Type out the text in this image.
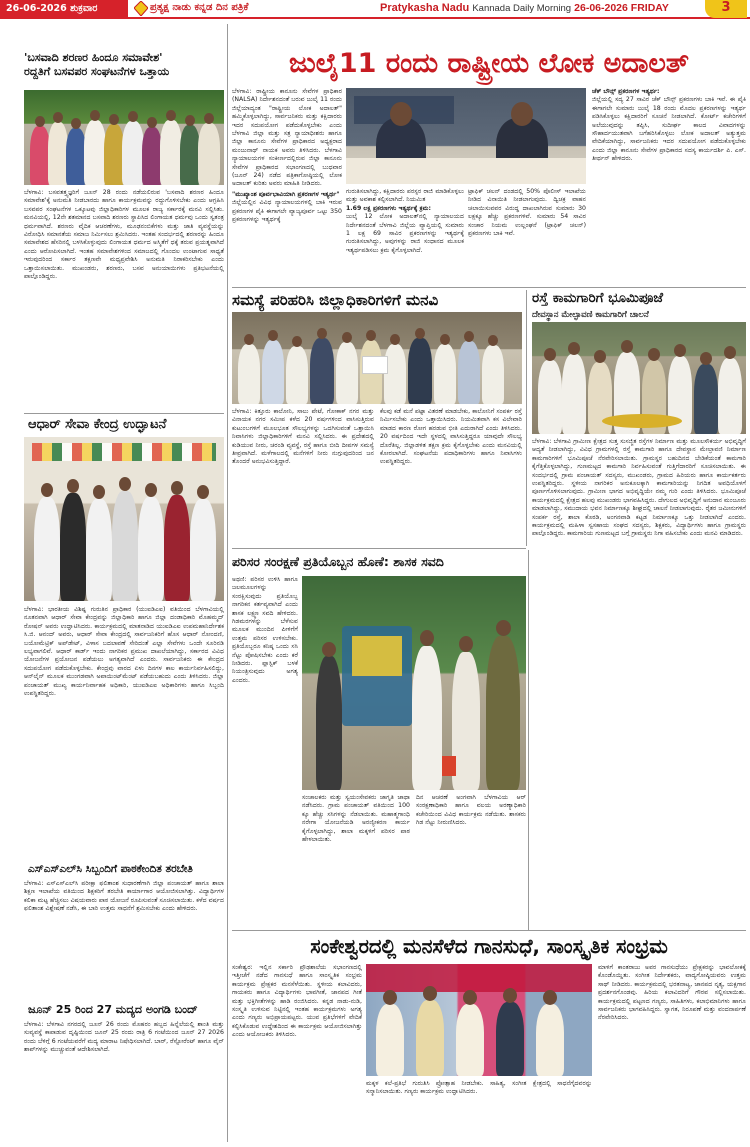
26-06-2026 ಶುಕ್ರವಾರ	ಪ್ರತ್ಯಕ್ಷ ನಾಡು ಕನ್ನಡ ದಿನ ಪತ್ರಿಕೆ	Pratykasha Nadu Kannada Daily Morning 26-06-2026 FRIDAY	3
'ಬಸವಾದಿ ಶರಣರ ಹಿಂದೂ ಸಮಾವೇಶ'
ರದ್ದತಿಗೆ ಬಸವಪರ ಸಂಘಟನೆಗಳ ಒತ್ತಾಯ
ಬೆಳಗಾವಿ: ಬಸವತತ್ತ್ವಜ್ಞರಿಗೆ ಜೂನ್ 28 ರಂದು ನಡೆಯಲಿರುವ 'ಬಸವಾದಿ ಶರಣರ ಹಿಂದೂ ಸಮಾವೇಶ'ಕ್ಕೆ ಅನುಮತಿ ನೀಡಬಾರದು ಹಾಗೂ ಕಾರ್ಯಕ್ರಮವನ್ನು ರದ್ದುಗೊಳಿಸಬೇಕು ಎಂದು ಆಗ್ರಹಿಸಿ ಬಸವಪರ ಸಂಘಟನೆಗಳ ಒಕ್ಕೂಟವು ಜಿಲ್ಲಾಧಿಕಾರಿಗಳ ಮೂಲಕ ರಾಜ್ಯ ಸರ್ಕಾರಕ್ಕೆ ಮನವಿ ಸಲ್ಲಿಸಿತು. ಮನವಿಯಲ್ಲಿ, 12ನೇ ಶತಮಾನದ ಬಸವಾದಿ ಶರಣರು ಸ್ಥಾಪಿಸಿದ ಲಿಂಗಾಯತ ಧರ್ಮವು ಒಂದು ಸ್ವತಂತ್ರ ಧರ್ಮವಾಗಿದೆ. ಶರಣರು ವೈದಿಕ ಆಚರಣೆಗಳು, ಮೂಢನಂಬಿಕೆಗಳು ಮತ್ತು ಜಾತಿ ವ್ಯವಸ್ಥೆಯನ್ನು ವಿರೋಧಿಸಿ ಸಮಾನತೆಯ ಸಮಾಜ ನಿರ್ಮಿಸಲು ಶ್ರಮಿಸಿದರು. ಇಂತಹ ಸಂದರ್ಭದಲ್ಲಿ ಶರಣರನ್ನು ಹಿಂದೂ ಸಮಾವೇಶದ ಹೆಸರಿನಲ್ಲಿ ಬಳಸಿಕೊಳ್ಳುವುದು ಲಿಂಗಾಯತ ಧರ್ಮದ ಅಸ್ಮಿತೆಗೆ ಧಕ್ಕೆ ತರುವ ಪ್ರಯತ್ನವಾಗಿದೆ ಎಂದು ಆರೋಪಿಸಲಾಗಿದೆ. ಇಂತಹ ಸಮಾವೇಶಗಳಿಂದ ಸಮಾಜದಲ್ಲಿ ಗೊಂದಲ ಉಂಟಾಗುವ ಸಾಧ್ಯತೆ ಇರುವುದರಿಂದ ಸರ್ಕಾರ ತಕ್ಷಣವೇ ಮಧ್ಯಪ್ರವೇಶಿಸಿ ಅನುಮತಿ ನಿರಾಕರಿಸಬೇಕು ಎಂದು ಒತ್ತಾಯಿಸಲಾಯಿತು. ಮುಖಂಡರು, ಶರಣರು, ಬಸವ ಅನುಯಾಯಿಗಳು ಪ್ರತಿಭಟನೆಯಲ್ಲಿ ಪಾಲ್ಗೊಂಡಿದ್ದರು.
ಆಧಾರ್ ಸೇವಾ ಕೇಂದ್ರ ಉದ್ಘಾಟನೆ
ಬೆಳಗಾವಿ: ಭಾರತೀಯ ವಿಶಿಷ್ಟ ಗುರುತಿನ ಪ್ರಾಧಿಕಾರ (ಯುಐಡಿಎಐ) ವತಿಯಿಂದ ಬೆಳಗಾವಿಯಲ್ಲಿ ನೂತನವಾಗಿ ಆಧಾರ್ ಸೇವಾ ಕೇಂದ್ರವನ್ನು ಜಿಲ್ಲಾಧಿಕಾರಿ ಹಾಗೂ ಜಿಲ್ಲಾ ದಂಡಾಧಿಕಾರಿ ಮೊಹಮ್ಮದ್ ರೋಷನ್ ಅವರು ಉದ್ಘಾಟಿಸಿದರು. ಕಾರ್ಯಕ್ರಮದಲ್ಲಿ ಮಾತನಾಡಿದ ಯುಐಡಿಎಐ ಉಪಮಹಾನಿರ್ದೇಶಕ ಸಿ.ಜಿ. ಆನಂದ್ ಅವರು, ಆಧಾರ್ ಸೇವಾ ಕೇಂದ್ರದಲ್ಲಿ ಸಾರ್ವಜನಿಕರಿಗೆ ಹೊಸ ಆಧಾರ್ ನೋಂದಣಿ, ಬಯೋಮೆಟ್ರಿಕ್ ಅಪ್‌ಡೇಟ್, ವಿಳಾಸ ಬದಲಾವಣೆ ಸೇರಿದಂತೆ ಎಲ್ಲಾ ಸೇವೆಗಳು ಒಂದೇ ಸೂರಿನಡಿ ಲಭ್ಯವಾಗಲಿವೆ. ಆಧಾರ್ ಕಾರ್ಡ್ ಇಂದು ನಾಗರಿಕರ ಪ್ರಮುಖ ದಾಖಲೆಯಾಗಿದ್ದು, ಸರ್ಕಾರದ ವಿವಿಧ ಯೋಜನೆಗಳ ಪ್ರಯೋಜನ ಪಡೆಯಲು ಅಗತ್ಯವಾಗಿದೆ ಎಂದರು. ಸಾರ್ವಜನಿಕರು ಈ ಕೇಂದ್ರದ ಸದುಪಯೋಗ ಪಡೆದುಕೊಳ್ಳಬೇಕು. ಕೇಂದ್ರವು ವಾರದ ಏಳು ದಿನಗಳ ಕಾಲ ಕಾರ್ಯನಿರ್ವಹಿಸಲಿದ್ದು, ಆನ್‌ಲೈನ್ ಮೂಲಕ ಮುಂಗಡವಾಗಿ ಅಪಾಯಿಂಟ್‌ಮೆಂಟ್ ಪಡೆಯಬಹುದು ಎಂದು ತಿಳಿಸಿದರು. ಜಿಲ್ಲಾ ಪಂಚಾಯತ್ ಮುಖ್ಯ ಕಾರ್ಯನಿರ್ವಾಹಕ ಅಧಿಕಾರಿ, ಯುಐಡಿಎಐ ಅಧಿಕಾರಿಗಳು ಹಾಗೂ ಸಿಬ್ಬಂದಿ ಉಪಸ್ಥಿತರಿದ್ದರು.
ಎಸ್‌ಎಸ್‌ಎಲ್‌ಸಿ ಸಿಬ್ಬಂದಿಗೆ ಪಾಠಕೇಂದಿತ ತರಬೇತಿ
ಬೆಳಗಾವಿ: ಎಸ್‌ಎಸ್‌ಎಲ್‌ಸಿ ಪರೀಕ್ಷಾ ಫಲಿತಾಂಶ ಸುಧಾರಣೆಗಾಗಿ ಜಿಲ್ಲಾ ಪಂಚಾಯತ್ ಹಾಗೂ ಶಾಲಾ ಶಿಕ್ಷಣ ಇಲಾಖೆಯ ವತಿಯಿಂದ ಶಿಕ್ಷಕರಿಗೆ ತರಬೇತಿ ಕಾರ್ಯಾಗಾರ ಆಯೋಜಿಸಲಾಗಿತ್ತು. ವಿದ್ಯಾರ್ಥಿಗಳ ಕಲಿಕಾ ಮಟ್ಟ ಹೆಚ್ಚಿಸಲು ವಿಷಯವಾರು ಪಾಠ ಯೋಜನೆ ರೂಪಿಸುವಂತೆ ಸೂಚಿಸಲಾಯಿತು. ಕಳೆದ ವರ್ಷದ ಫಲಿತಾಂಶ ವಿಶ್ಲೇಷಣೆ ನಡೆಸಿ, ಈ ಬಾರಿ ಉತ್ತಮ ಸಾಧನೆಗೆ ಶ್ರಮಿಸಬೇಕು ಎಂದು ಹೇಳಿದರು.
ಜೂನ್ 25 ರಿಂದ 27 ಮದ್ಯದ ಅಂಗಡಿ ಬಂದ್
ಬೆಳಗಾವಿ: ಬೆಳಗಾವಿ ನಗರದಲ್ಲಿ ಜೂನ್ 26 ರಂದು ಮೊಹರಂ ಹಬ್ಬದ ಹಿನ್ನೆಲೆಯಲ್ಲಿ ಶಾಂತಿ ಮತ್ತು ಸುವ್ಯವಸ್ಥೆ ಕಾಪಾಡುವ ದೃಷ್ಟಿಯಿಂದ ಜೂನ್ 25 ರಂದು ರಾತ್ರಿ 6 ಗಂಟೆಯಿಂದ ಜೂನ್ 27 2026 ರಂದು ಬೆಳಿಗ್ಗೆ 6 ಗಂಟೆಯವರೆಗೆ ಮದ್ಯ ಮಾರಾಟ ನಿಷೇಧಿಸಲಾಗಿದೆ. ಬಾರ್, ರೆಸ್ಟೋರೆಂಟ್ ಹಾಗೂ ವೈನ್ ಶಾಪ್‌ಗಳನ್ನು ಮುಚ್ಚುವಂತೆ ಆದೇಶಿಸಲಾಗಿದೆ.
ಜುಲೈ11 ರಂದು ರಾಷ್ಟ್ರೀಯ ಲೋಕ ಅದಾಲತ್
ಬೆಳಗಾವಿ: ರಾಷ್ಟ್ರೀಯ ಕಾನೂನು ಸೇವೆಗಳ ಪ್ರಾಧಿಕಾರ (NALSA) ನಿರ್ದೇಶನದಂತೆ ಬರುವ ಜುಲೈ 11 ರಂದು ಜಿಲ್ಲೆಯಾದ್ಯಂತ "ರಾಷ್ಟ್ರೀಯ ಲೋಕ ಅದಾಲತ್" ಹಮ್ಮಿಕೊಳ್ಳಲಾಗಿದ್ದು, ಸಾರ್ವಜನಿಕರು ಮತ್ತು ಕಕ್ಷಿದಾರರು ಇದರ ಸದುಪಯೋಗ ಪಡೆದುಕೊಳ್ಳಬೇಕು ಎಂದು ಬೆಳಗಾವಿ ಜಿಲ್ಲಾ ಮತ್ತು ಸತ್ರ ನ್ಯಾಯಾಧೀಶರು ಹಾಗೂ ಜಿಲ್ಲಾ ಕಾನೂನು ಸೇವೆಗಳ ಪ್ರಾಧಿಕಾರದ ಅಧ್ಯಕ್ಷರಾದ ಮಂಜುನಾಥ್ ನಾಯಕ ಅವರು ತಿಳಿಸಿದರು. ಬೆಳಗಾವಿ ನ್ಯಾಯಾಲಯಗಳ ಸಂಕೀರ್ಣದಲ್ಲಿರುವ ಜಿಲ್ಲಾ ಕಾನೂನು ಸೇವೆಗಳ ಪ್ರಾಧಿಕಾರದ ಸಭಾಂಗಣದಲ್ಲಿ ಬುಧವಾರ (ಜೂನ್ 24) ನಡೆದ ಪತ್ರಿಕಾಗೋಷ್ಠಿಯಲ್ಲಿ ಲೋಕ ಅದಾಲತ್ ಕುರಿತು ಅವರು ಮಾಹಿತಿ ನೀಡಿದರು.
"ಮುಖ್ಯಾಂಶ ಪೂರ್ವಭಾವಿಯಾಗಿ ಪ್ರಕರಣಗಳ ಇತ್ಯರ್ಥ"
ಜಿಲ್ಲೆಯಲ್ಲಿನ ವಿವಿಧ ನ್ಯಾಯಾಲಯಗಳಲ್ಲಿ ಬಾಕಿ ಇರುವ ಪ್ರಕರಣಗಳ ಪೈಕಿ ಈಗಾಗಲೇ ವ್ಯಾಜ್ಯಪೂರ್ವ ಒಟ್ಟು 350 ಪ್ರಕರಣಗಳನ್ನು ಇತ್ಯರ್ಥಕ್ಕೆ
ಗುರುತಿಸಲಾಗಿದ್ದು, ಕಕ್ಷಿದಾರರು ಪರಸ್ಪರ ರಾಜಿ ಮಾಡಿಕೊಳ್ಳಲು ಮತ್ತು ಅವಕಾಶ ಕಲ್ಪಿಸಲಾಗಿದೆ. ನಿಯಮಿತ
1.69 ಲಕ್ಷ ಪ್ರಕರಣಗಳು ಇತ್ಯರ್ಥಕ್ಕೆ ಕ್ರಮ:
ಜುಲೈ 12 ಲೋಕ ಅದಾಲತ್‌ನಲ್ಲಿ ನ್ಯಾಯಾಲಯದ ನಿರ್ದೇಶನದಂತೆ ಬೆಳಗಾವಿ ಜಿಲ್ಲೆಯ ವ್ಯಾಪ್ತಿಯಲ್ಲಿ ಸುಮಾರು 1 ಲಕ್ಷ 69 ಸಾವಿರ ಪ್ರಕರಣಗಳನ್ನು ಇತ್ಯರ್ಥಕ್ಕೆ ಗುರುತಿಸಲಾಗಿದ್ದು, ಅವುಗಳನ್ನು ರಾಜಿ ಸಂಧಾನದ ಮೂಲಕ ಇತ್ಯರ್ಥಪಡಿಸಲು ಕ್ರಮ ಕೈಗೊಳ್ಳಲಾಗಿದೆ.
ಟ್ರಾಫಿಕ್ ಚಲನ್ ದಂಡದಲ್ಲಿ 50% ಪೊಲೀಸ್ ಇಲಾಖೆಯ ನೀಡಿದ ವಿನಾಯಿತಿ ನೀಡಲಾಗುವುದು. ದ್ವಿಚಕ್ರ ವಾಹನ ಚಲಾಯಿಸುವವರ ವಿರುದ್ಧ ದಾಖಲಾಗಿರುವ ಸುಮಾರು 30 ಲಕ್ಷಕ್ಕೂ ಹೆಚ್ಚು ಪ್ರಕರಣಗಳಿವೆ. ಸುಮಾರು 54 ಸಾವಿರ ಸಂಚಾರ ನಿಯಮ ಉಲ್ಲಂಘನೆ (ಟ್ರಾಫಿಕ್ ಚಲನ್) ಪ್ರಕರಣಗಳು ಬಾಕಿ ಇವೆ.
ಚೆಕ್ ಬೌನ್ಸ್ ಪ್ರಕರಣಗಳ ಇತ್ಯರ್ಥ:
ಜಿಲ್ಲೆಯಲ್ಲಿ ಸದ್ಯ 27 ಸಾವಿರ ಚೆಕ್ ಬೌನ್ಸ್ ಪ್ರಕರಣಗಳು ಬಾಕಿ ಇವೆ. ಈ ಪೈಕಿ ಈಗಾಗಲೇ ಸುಮಾರು ಜುಲೈ 18 ರಂದು ಮೊದಲ ಪ್ರಕರಣಗಳನ್ನು ಇತ್ಯರ್ಥ ಪಡಿಸಿಕೊಳ್ಳಲು ಕಕ್ಷಿದಾರರಿಗೆ ಸೂಚನೆ ನೀಡಲಾಗಿದೆ. ಕೋರ್ಟ್ ಕಚೇರಿಗಳಿಗೆ ಅಲೆಯುವುದನ್ನು ತಪ್ಪಿಸಿ, ಸುದೀರ್ಘ ಕಾಲದ ವಿವಾದಗಳನ್ನು ಸೌಹಾರ್ದಯುತವಾಗಿ ಬಗೆಹರಿಸಿಕೊಳ್ಳಲು ಲೋಕ ಅದಾಲತ್ ಅತ್ಯುತ್ತಮ ವೇದಿಕೆಯಾಗಿದ್ದು, ಸಾರ್ವಜನಿಕರು ಇದರ ಸದುಪಯೋಗ ಪಡೆದುಕೊಳ್ಳಬೇಕು ಎಂದು ಜಿಲ್ಲಾ ಕಾನೂನು ಸೇವೆಗಳ ಪ್ರಾಧಿಕಾರದ ಸದಸ್ಯ ಕಾರ್ಯದರ್ಶಿ ಪಿ. ಎಸ್. ತೀರ್ಥನ್ ಹೇಳಿದರು.
ಸಮಸ್ಯೆ ಪರಿಹರಿಸಿ ಜಿಲ್ಲಾಧಿಕಾರಿಗಳಿಗೆ ಮನವಿ
ಬೆಳಗಾವಿ: ಕಿತ್ತೂರು ಕಾಲೋನಿ, ಸಾಲು ಪೇಟೆ, ಗೋಕಾಕ್ ನಗರ ಮತ್ತು ವಿನಾಯಕ ನಗರ ಸಮೀಪ ಕಳೆದ 20 ವರ್ಷಗಳಿಂದ ವಾಸಿಸುತ್ತಿರುವ ಕುಟುಂಬಗಳಿಗೆ ಮೂಲಭೂತ ಸೌಲಭ್ಯಗಳನ್ನು ಒದಗಿಸುವಂತೆ ಒತ್ತಾಯಿಸಿ ನಿವಾಸಿಗಳು ಜಿಲ್ಲಾಧಿಕಾರಿಗಳಿಗೆ ಮನವಿ ಸಲ್ಲಿಸಿದರು. ಈ ಪ್ರದೇಶದಲ್ಲಿ ಕುಡಿಯುವ ನೀರು, ಚರಂಡಿ ವ್ಯವಸ್ಥೆ, ರಸ್ತೆ ಹಾಗೂ ಬೀದಿ ದೀಪಗಳ ಸಮಸ್ಯೆ ತೀವ್ರವಾಗಿದೆ. ಮಳೆಗಾಲದಲ್ಲಿ ಮನೆಗಳಿಗೆ ನೀರು ನುಗ್ಗುವುದರಿಂದ ಜನ ತೊಂದರೆ ಅನುಭವಿಸುತ್ತಿದ್ದಾರೆ.
ಕೆಲವು ಕಡೆ ಮನೆ ಪಟ್ಟಾ ವಿತರಣೆ ಮಾಡಬೇಕು, ಕಾಲೋನಿಗೆ ಸಂಪರ್ಕ ರಸ್ತೆ ನಿರ್ಮಿಸಬೇಕು ಎಂದು ಒತ್ತಾಯಿಸಿದರು. ನಿಯಮಿತವಾಗಿ ಕಸ ವಿಲೇವಾರಿ ಮಾಡದ ಕಾರಣ ರೋಗ ಹರಡುವ ಭೀತಿ ಎದುರಾಗಿದೆ ಎಂದು ತಿಳಿಸಿದರು. 20 ವರ್ಷದಿಂದ ಇದೇ ಸ್ಥಳದಲ್ಲಿ ವಾಸಿಸುತ್ತಿದ್ದರೂ ಯಾವುದೇ ಸೌಲಭ್ಯ ದೊರೆತಿಲ್ಲ. ಜಿಲ್ಲಾಡಳಿತ ತಕ್ಷಣ ಕ್ರಮ ಕೈಗೊಳ್ಳಬೇಕು ಎಂದು ಮನವಿಯಲ್ಲಿ ಕೋರಲಾಗಿದೆ. ಸಂಘಟನೆಯ ಪದಾಧಿಕಾರಿಗಳು ಹಾಗೂ ನಿವಾಸಿಗಳು ಉಪಸ್ಥಿತರಿದ್ದರು.
ರಸ್ತೆ ಕಾಮಗಾರಿಗೆ ಭೂಮಿಪೂಜೆ
ದೇವಸ್ಥಾನ ಮೇಲ್ಛಾವಣಿ ಕಾಮಗಾರಿಗೆ ಚಾಲನೆ
ಬೆಳಗಾವಿ: ಬೆಳಗಾವಿ ಗ್ರಾಮೀಣ ಕ್ಷೇತ್ರದ ಸುತ್ತ ಸುಸಜ್ಜಿತ ರಸ್ತೆಗಳ ನಿರ್ಮಾಣ ಮತ್ತು ಮೂಲಸೌಕರ್ಯ ಅಭಿವೃದ್ಧಿಗೆ ಆದ್ಯತೆ ನೀಡಲಾಗಿದ್ದು, ವಿವಿಧ ಗ್ರಾಮಗಳಲ್ಲಿ ರಸ್ತೆ ಕಾಮಗಾರಿ ಹಾಗೂ ದೇವಸ್ಥಾನ ಮೇಲ್ಛಾವಣಿ ನಿರ್ಮಾಣ ಕಾಮಗಾರಿಗಳಿಗೆ ಭೂಮಿಪೂಜೆ ನೆರವೇರಿಸಲಾಯಿತು. ಗ್ರಾಮಸ್ಥರ ಬಹುದಿನದ ಬೇಡಿಕೆಯಂತೆ ಕಾಮಗಾರಿ ಕೈಗೆತ್ತಿಕೊಳ್ಳಲಾಗಿದ್ದು, ಗುಣಮಟ್ಟದ ಕಾಮಗಾರಿ ನಿರ್ವಹಿಸುವಂತೆ ಗುತ್ತಿಗೆದಾರರಿಗೆ ಸೂಚಿಸಲಾಯಿತು. ಈ ಸಂದರ್ಭದಲ್ಲಿ ಗ್ರಾಮ ಪಂಚಾಯತ್ ಸದಸ್ಯರು, ಮುಖಂಡರು, ಗ್ರಾಮದ ಹಿರಿಯರು ಹಾಗೂ ಕಾರ್ಯಕರ್ತರು ಉಪಸ್ಥಿತರಿದ್ದರು. ಸ್ಥಳೀಯ ನಾಗರಿಕರ ಅನುಕೂಲಕ್ಕಾಗಿ ಕಾಮಗಾರಿಯನ್ನು ನಿಗದಿತ ಅವಧಿಯೊಳಗೆ ಪೂರ್ಣಗೊಳಿಸಲಾಗುವುದು. ಗ್ರಾಮೀಣ ಭಾಗದ ಅಭಿವೃದ್ಧಿಯೇ ನಮ್ಮ ಗುರಿ ಎಂದು ತಿಳಿಸಿದರು. ಭೂಮಿಪೂಜೆ ಕಾರ್ಯಕ್ರಮದಲ್ಲಿ ಕ್ಷೇತ್ರದ ಹಲವು ಮುಖಂಡರು ಭಾಗವಹಿಸಿದ್ದರು. ದೇಗುಲದ ಅಭಿವೃದ್ಧಿಗೆ ಅನುದಾನ ಮಂಜೂರು ಮಾಡಲಾಗಿದ್ದು, ಸಮುದಾಯ ಭವನ ನಿರ್ಮಾಣಕ್ಕೂ ಶೀಘ್ರದಲ್ಲಿ ಚಾಲನೆ ನೀಡಲಾಗುವುದು. ರೈತರ ಜಮೀನುಗಳಿಗೆ ಸಂಪರ್ಕ ರಸ್ತೆ, ಶಾಲಾ ಕೊಠಡಿ, ಅಂಗನವಾಡಿ ಕಟ್ಟಡ ನಿರ್ಮಾಣಕ್ಕೂ ಒತ್ತು ನೀಡಲಾಗಿದೆ ಎಂದರು. ಕಾರ್ಯಕ್ರಮದಲ್ಲಿ ಮಹಿಳಾ ಸ್ವಸಹಾಯ ಸಂಘದ ಸದಸ್ಯರು, ಶಿಕ್ಷಕರು, ವಿದ್ಯಾರ್ಥಿಗಳು ಹಾಗೂ ಗ್ರಾಮಸ್ಥರು ಪಾಲ್ಗೊಂಡಿದ್ದರು. ಕಾಮಗಾರಿಯ ಗುಣಮಟ್ಟದ ಬಗ್ಗೆ ಗ್ರಾಮಸ್ಥರು ನಿಗಾ ವಹಿಸಬೇಕು ಎಂದು ಮನವಿ ಮಾಡಿದರು.
ಪರಿಸರ ಸಂರಕ್ಷಣೆ ಪ್ರತಿಯೊಬ್ಬನ ಹೊಣೆ: ಶಾಸಕ ಸವದಿ
ಅಥಣಿ: ಪರಿಸರ ಉಳಿಸಿ ಹಾಗೂ ಜಲಮೂಲಗಳನ್ನು ಸಂರಕ್ಷಿಸುವುದು ಪ್ರತಿಯೊಬ್ಬ ನಾಗರಿಕನ ಕರ್ತವ್ಯವಾಗಿದೆ ಎಂದು ಶಾಸಕ ಲಕ್ಷ್ಮಣ ಸವದಿ ಹೇಳಿದರು. ಗಿಡಮರಗಳನ್ನು ಬೆಳೆಸುವ ಮೂಲಕ ಮುಂದಿನ ಪೀಳಿಗೆಗೆ ಉತ್ತಮ ಪರಿಸರ ಉಳಿಸಬೇಕು. ಪ್ರತಿಯೊಬ್ಬರೂ ಕನಿಷ್ಠ ಒಂದು ಸಸಿ ನೆಟ್ಟು ಪೋಷಿಸಬೇಕು ಎಂದು ಕರೆ ನೀಡಿದರು. ಪ್ಲಾಸ್ಟಿಕ್ ಬಳಕೆ ನಿಯಂತ್ರಿಸುವುದು ಅಗತ್ಯ ಎಂದರು.
ಸಂಚಾಲಕರು ಮತ್ತು ಸ್ವಯಂಸೇವಕರು ಜಾಗೃತಿ ಜಾಥಾ ನಡೆಸಿದರು. ಗ್ರಾಮ ಪಂಚಾಯತ್ ವತಿಯಿಂದ 100 ಕ್ಕೂ ಹೆಚ್ಚು ಸಸಿಗಳನ್ನು ನೆಡಲಾಯಿತು. ಮಹಾತ್ಮಗಾಂಧಿ ನರೇಗಾ ಯೋಜನೆಯಡಿ ಅರಣ್ಯೀಕರಣ ಕಾರ್ಯ ಕೈಗೊಳ್ಳಲಾಗಿದ್ದು, ಶಾಲಾ ಮಕ್ಕಳಿಗೆ ಪರಿಸರ ಪಾಠ ಹೇಳಲಾಯಿತು.
ದಿನ ಆಚರಣೆ ಅಂಗವಾಗಿ ಬೆಳಗಾವಿಯ ಆರ್ ಸಂರಕ್ಷಣಾಧಿಕಾರಿ ಹಾಗೂ ವಲಯ ಅರಣ್ಯಾಧಿಕಾರಿ ಕಚೇರಿಯಿಂದ ವಿವಿಧ ಕಾರ್ಯಕ್ರಮ ನಡೆಯಿತು. ಶಾಸಕರು ಗಿಡ ನೆಟ್ಟು ನೀರುಣಿಸಿದರು.
ಸಂಕೇಶ್ವರದಲ್ಲಿ ಮನಸೆಳೆದ ಗಾನಸುಧೆ, ಸಾಂಸ್ಕೃತಿಕ ಸಂಭ್ರಮ
ಸಂಕೇಶ್ವರ: ಇಲ್ಲಿನ ಸರ್ಕಾರಿ ಪ್ರೌಢಶಾಲೆಯ ಸಭಾಂಗಣದಲ್ಲಿ ಇತ್ತೀಚೆಗೆ ನಡೆದ ಗಾನಸುಧೆ ಹಾಗೂ ಸಾಂಸ್ಕೃತಿಕ ಸಂಭ್ರಮ ಕಾರ್ಯಕ್ರಮ ಪ್ರೇಕ್ಷಕರ ಮನಸೆಳೆಯಿತು. ಸ್ಥಳೀಯ ಕಲಾವಿದರು, ಗಾಯಕರು ಹಾಗೂ ವಿದ್ಯಾರ್ಥಿಗಳು ಭಾವಗೀತೆ, ಜಾನಪದ ಗೀತೆ ಮತ್ತು ಭಕ್ತಿಗೀತೆಗಳನ್ನು ಹಾಡಿ ರಂಜಿಸಿದರು. ಕನ್ನಡ ನಾಡು-ನುಡಿ, ಸಂಸ್ಕೃತಿ ಉಳಿಸುವ ನಿಟ್ಟಿನಲ್ಲಿ ಇಂತಹ ಕಾರ್ಯಕ್ರಮಗಳು ಅಗತ್ಯ ಎಂದು ಗಣ್ಯರು ಅಭಿಪ್ರಾಯಪಟ್ಟರು. ಯುವ ಪ್ರತಿಭೆಗಳಿಗೆ ವೇದಿಕೆ ಕಲ್ಪಿಸಿಕೊಡುವ ಉದ್ದೇಶದಿಂದ ಈ ಕಾರ್ಯಕ್ರಮ ಆಯೋಜಿಸಲಾಗಿತ್ತು ಎಂದು ಆಯೋಜಕರು ತಿಳಿಸಿದರು.
ಮಕ್ಕಳ ಕಲೆ-ಪ್ರತಿಭೆ ಗುರುತಿಸಿ ಪ್ರೋತ್ಸಾಹ ನೀಡಬೇಕು. ಸಾಹಿತ್ಯ, ಸಂಗೀತ ಕ್ಷೇತ್ರದಲ್ಲಿ ಸಾಧನೆಗೈದವರನ್ನು ಸನ್ಮಾನಿಸಲಾಯಿತು. ಗಣ್ಯರು ಕಾರ್ಯಕ್ರಮ ಉದ್ಘಾಟಿಸಿದರು.
ಮಾಳಿಗೆ ಕಾಂತರಾಜು ಅವರ ಗಾನಸುಧೆಯು ಪ್ರೇಕ್ಷಕರನ್ನು ಭಾವಲೋಕಕ್ಕೆ ಕೊಂಡೊಯ್ದಿತು. ಸಂಗೀತ ನಿರ್ದೇಶಕರು, ವಾದ್ಯಗೋಷ್ಠಿಯವರು ಉತ್ತಮ ಸಾಥ್ ನೀಡಿದರು. ಕಾರ್ಯಕ್ರಮದಲ್ಲಿ ಭರತನಾಟ್ಯ, ಜಾನಪದ ನೃತ್ಯ, ಯಕ್ಷಗಾನ ಪ್ರದರ್ಶನಗೊಂಡವು. ಹಿರಿಯ ಕಲಾವಿದರಿಗೆ ಗೌರವ ಸಲ್ಲಿಸಲಾಯಿತು. ಕಾರ್ಯಕ್ರಮದಲ್ಲಿ ಪಟ್ಟಣದ ಗಣ್ಯರು, ಸಾಹಿತಿಗಳು, ಕಲಾಭಿಮಾನಿಗಳು ಹಾಗೂ ಸಾರ್ವಜನಿಕರು ಭಾಗವಹಿಸಿದ್ದರು. ಸ್ವಾಗತ, ನಿರೂಪಣೆ ಮತ್ತು ವಂದನಾರ್ಪಣೆ ನೆರವೇರಿಸಿದರು.
